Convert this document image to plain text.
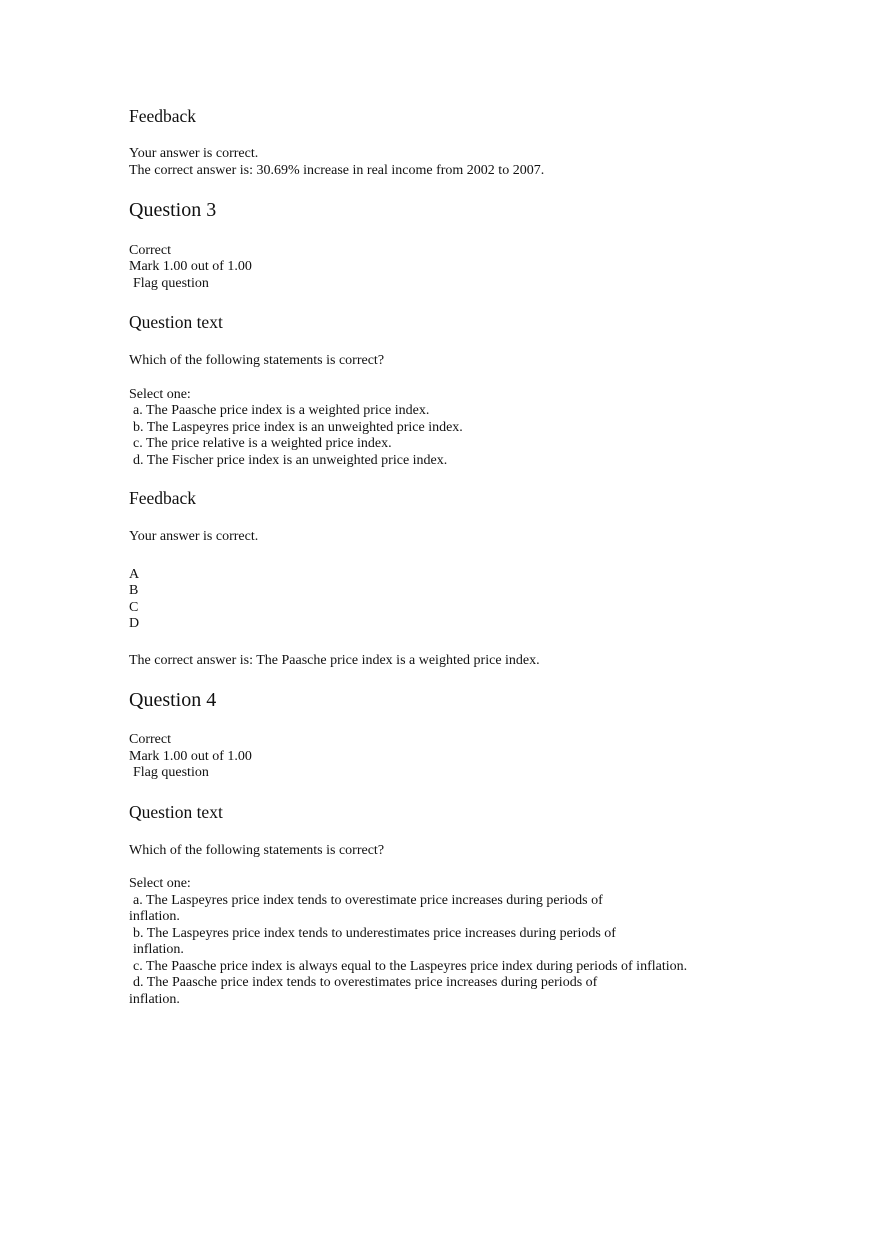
Feedback
Your answer is correct.
The correct answer is: 30.69% increase in real income from 2002 to 2007.
Question 3
Correct
Mark 1.00 out of 1.00
Flag question
Question text
Which of the following statements is correct?
Select one:
a. The Paasche price index is a weighted price index.
b. The Laspeyres price index is an unweighted price index.
c. The price relative is a weighted price index.
d. The Fischer price index is an unweighted price index.
Feedback
Your answer is correct.
A
B
C
D
The correct answer is: The Paasche price index is a weighted price index.
Question 4
Correct
Mark 1.00 out of 1.00
Flag question
Question text
Which of the following statements is correct?
Select one:
a. The Laspeyres price index tends to overestimate price increases during periods of
inflation.
b. The Laspeyres price index tends to underestimates price increases during periods of
inflation.
c. The Paasche price index is always equal to the Laspeyres price index during periods of inflation.
d. The Paasche price index tends to overestimates price increases during periods of
inflation.
